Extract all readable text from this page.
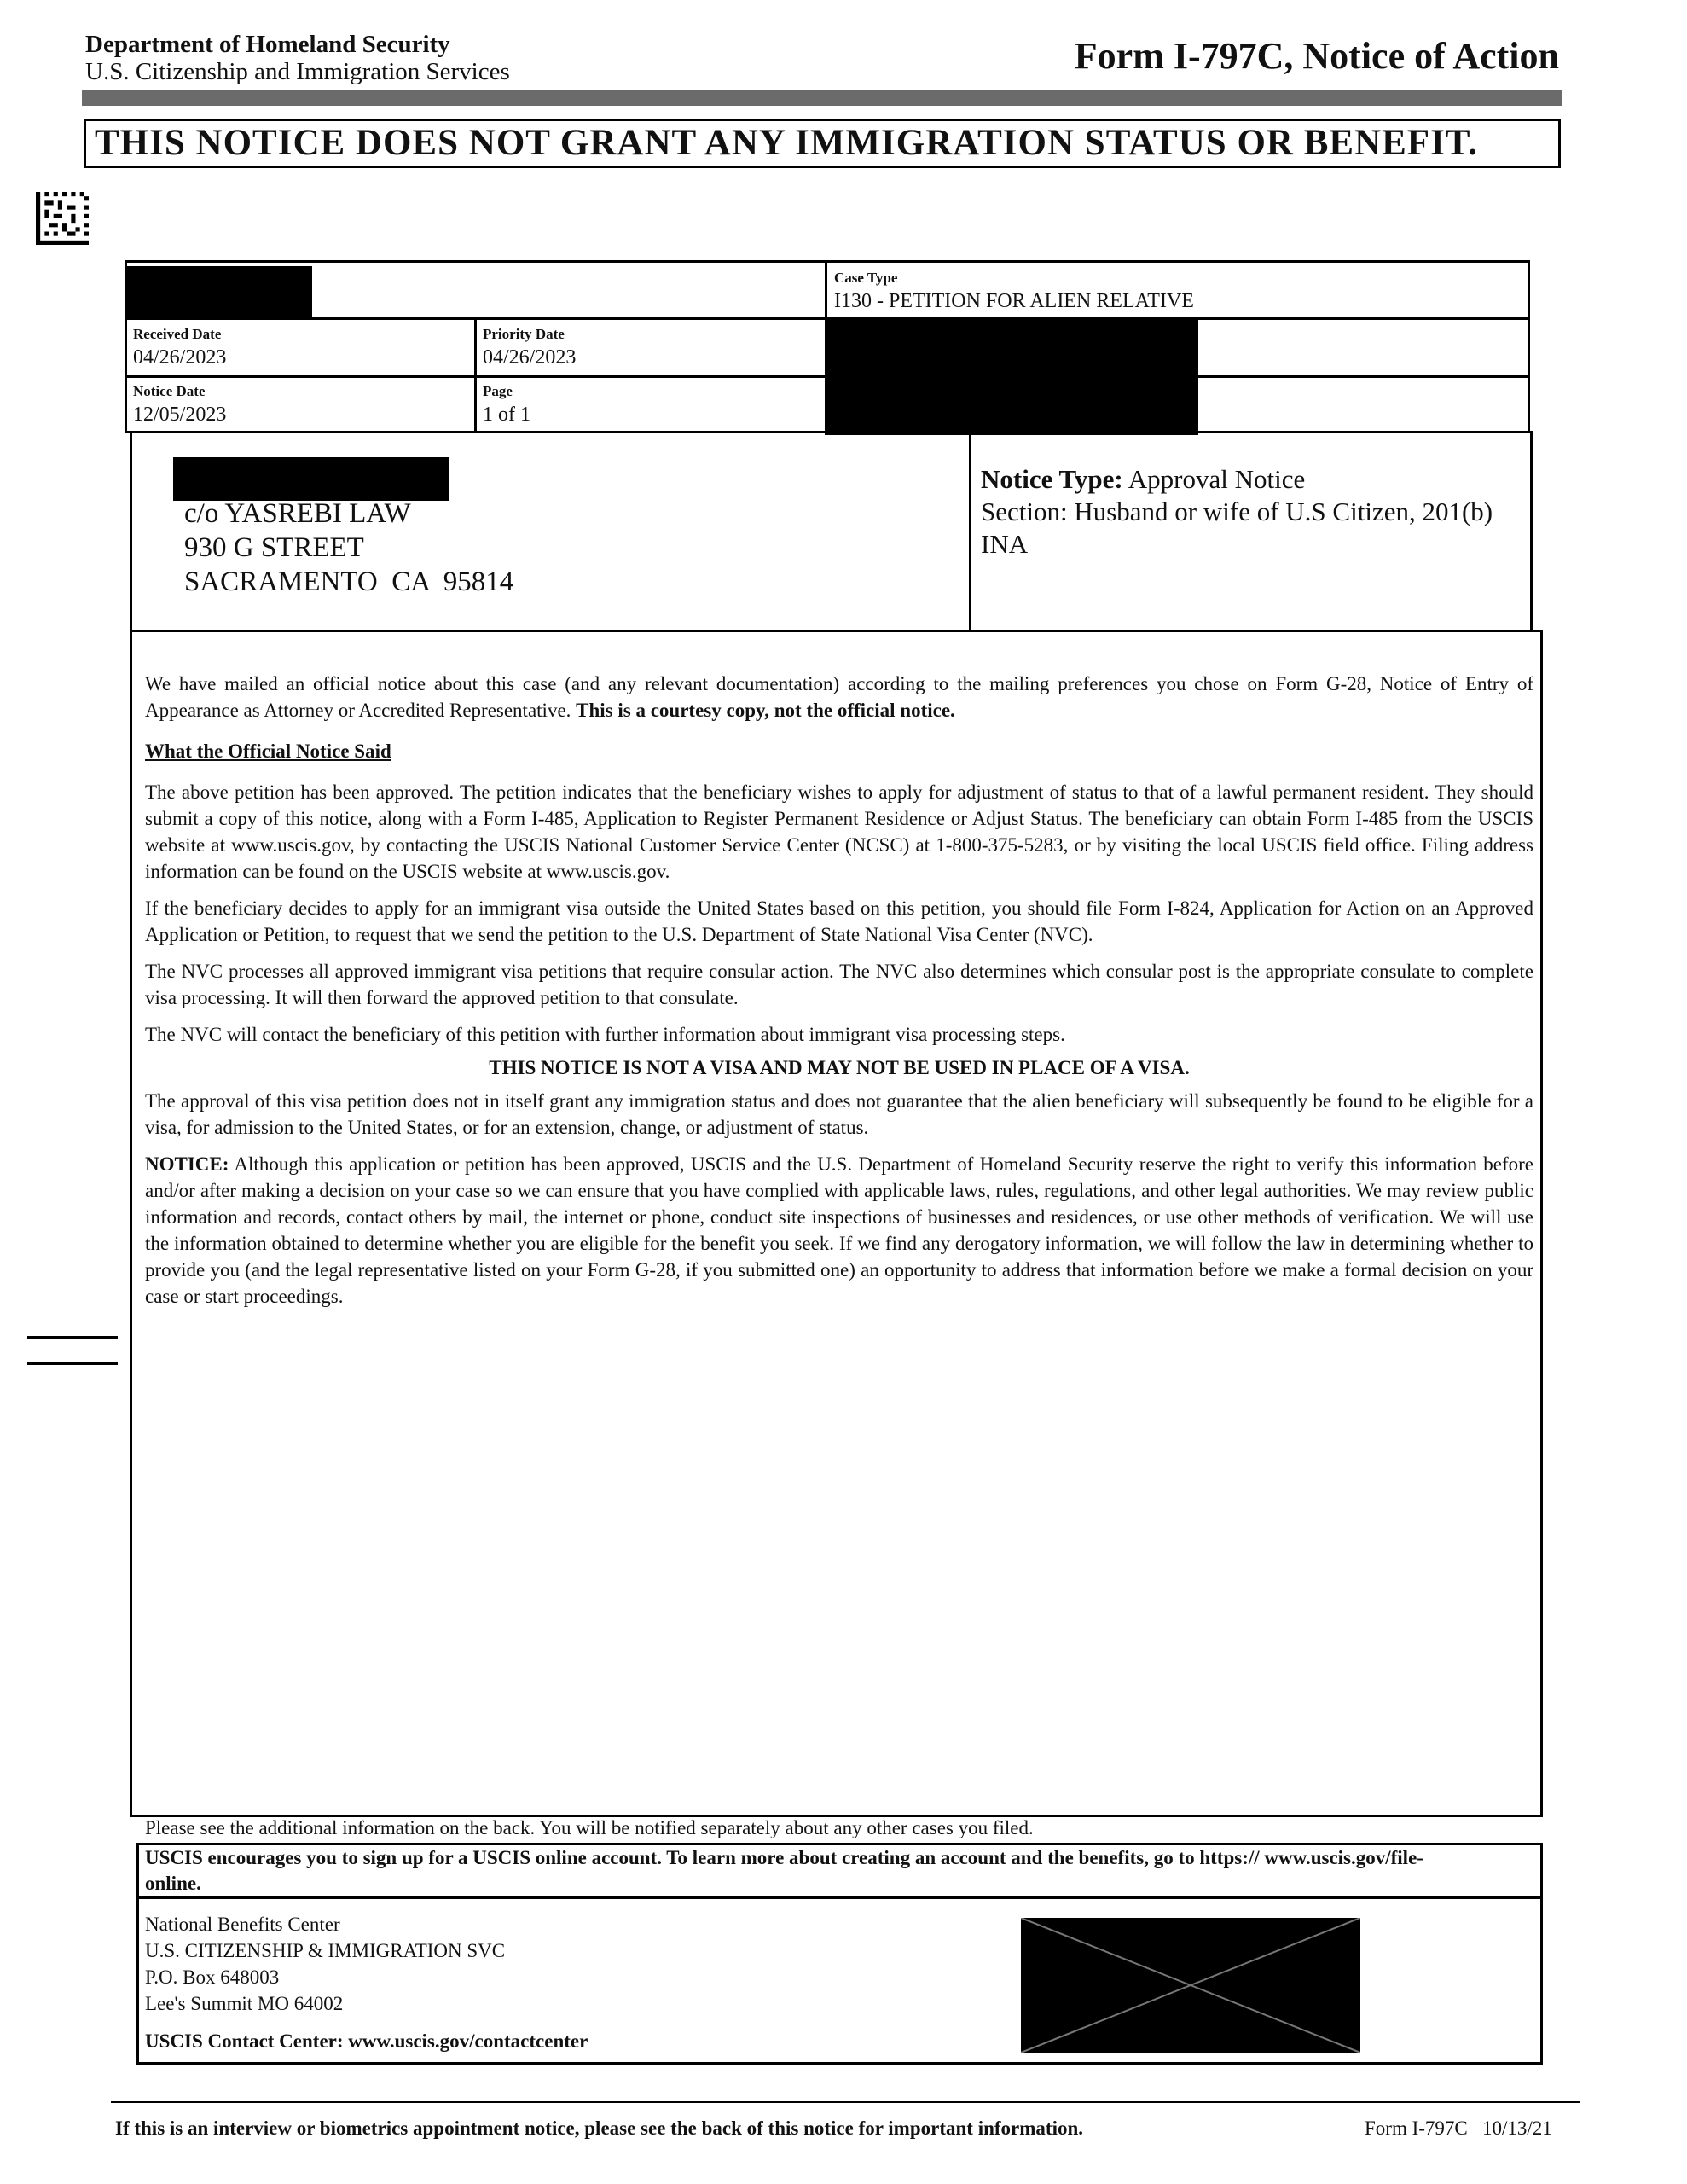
Department of Homeland Security
U.S. Citizenship and Immigration Services	Form I-797C, Notice of Action
THIS NOTICE DOES NOT GRANT ANY IMMIGRATION STATUS OR BENEFIT.
Case Type
I130 - PETITION FOR ALIEN RELATIVE
Received Date
04/26/2023
Priority Date
04/26/2023
Notice Date
12/05/2023
Page
1 of 1
c/o YASREBI LAW
930 G STREET
SACRAMENTO  CA  95814
Notice Type: Approval Notice
Section: Husband or wife of U.S Citizen, 201(b)
INA

We have mailed an official notice about this case (and any relevant documentation) according to the mailing preferences you chose on Form G-28, Notice of Entry of Appearance as Attorney or Accredited Representative. This is a courtesy copy, not the official notice.

What the Official Notice Said

The above petition has been approved. The petition indicates that the beneficiary wishes to apply for adjustment of status to that of a lawful permanent resident. They should submit a copy of this notice, along with a Form I-485, Application to Register Permanent Residence or Adjust Status. The beneficiary can obtain Form I-485 from the USCIS website at www.uscis.gov, by contacting the USCIS National Customer Service Center (NCSC) at 1-800-375-5283, or by visiting the local USCIS field office. Filing address information can be found on the USCIS website at www.uscis.gov.

If the beneficiary decides to apply for an immigrant visa outside the United States based on this petition, you should file Form I-824, Application for Action on an Approved Application or Petition, to request that we send the petition to the U.S. Department of State National Visa Center (NVC).

The NVC processes all approved immigrant visa petitions that require consular action. The NVC also determines which consular post is the appropriate consulate to complete visa processing. It will then forward the approved petition to that consulate.

The NVC will contact the beneficiary of this petition with further information about immigrant visa processing steps.

THIS NOTICE IS NOT A VISA AND MAY NOT BE USED IN PLACE OF A VISA.

The approval of this visa petition does not in itself grant any immigration status and does not guarantee that the alien beneficiary will subsequently be found to be eligible for a visa, for admission to the United States, or for an extension, change, or adjustment of status.

NOTICE: Although this application or petition has been approved, USCIS and the U.S. Department of Homeland Security reserve the right to verify this information before and/or after making a decision on your case so we can ensure that you have complied with applicable laws, rules, regulations, and other legal authorities. We may review public information and records, contact others by mail, the internet or phone, conduct site inspections of businesses and residences, or use other methods of verification. We will use the information obtained to determine whether you are eligible for the benefit you seek. If we find any derogatory information, we will follow the law in determining whether to provide you (and the legal representative listed on your Form G-28, if you submitted one) an opportunity to address that information before we make a formal decision on your case or start proceedings.

Please see the additional information on the back. You will be notified separately about any other cases you filed.
USCIS encourages you to sign up for a USCIS online account. To learn more about creating an account and the benefits, go to https:// www.uscis.gov/file-online.
National Benefits Center
U.S. CITIZENSHIP & IMMIGRATION SVC
P.O. Box 648003
Lee's Summit MO 64002
USCIS Contact Center: www.uscis.gov/contactcenter
If this is an interview or biometrics appointment notice, please see the back of this notice for important information.	Form I-797C   10/13/21
